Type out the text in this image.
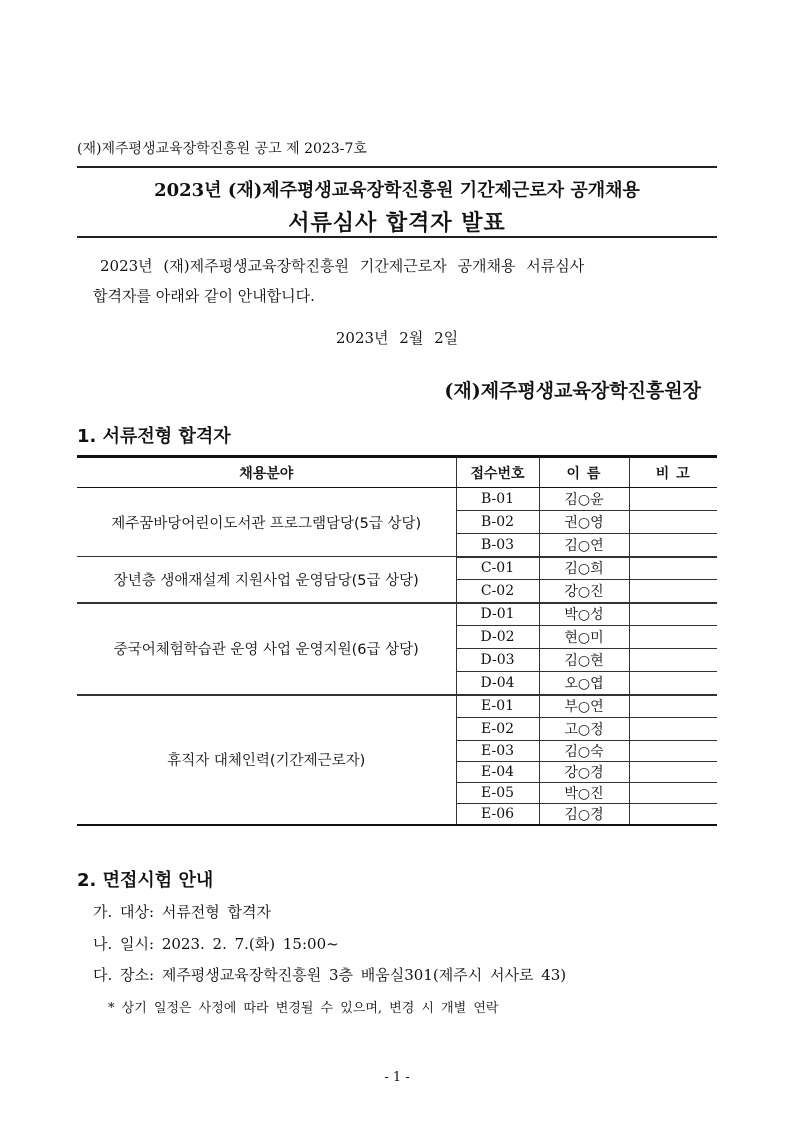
(재)제주평생교육장학진흥원 공고 제 2023-7호
2023년 (재)제주평생교육장학진흥원 기간제근로자 공개채용
서류심사 합격자 발표
2023년 (재)제주평생교육장학진흥원 기간제근로자 공개채용 서류심사
합격자를 아래와 같이 안내합니다.
2023년 2월 2일
(재)제주평생교육장학진흥원장
1. 서류전형 합격자
채용분야	접수번호	이 름	비 고
제주꿈바당어린이도서관 프로그램담당(5급 상당)	B-01	김○윤	
	B-02	권○영	
	B-03	김○연	
장년층 생애재설계 지원사업 운영담당(5급 상당)	C-01	김○희	
	C-02	강○진	
중국어체험학습관 운영 사업 운영지원(6급 상당)	D-01	박○성	
	D-02	현○미	
	D-03	김○현	
	D-04	오○엽	
휴직자 대체인력(기간제근로자)	E-01	부○연	
	E-02	고○정	
	E-03	김○숙	
	E-04	강○경	
	E-05	박○진	
	E-06	김○경	
2. 면접시험 안내
가. 대상: 서류전형 합격자
나. 일시: 2023. 2. 7.(화) 15:00~
다. 장소: 제주평생교육장학진흥원 3층 배움실301(제주시 서사로 43)
* 상기 일정은 사정에 따라 변경될 수 있으며, 변경 시 개별 연락
- 1 -
